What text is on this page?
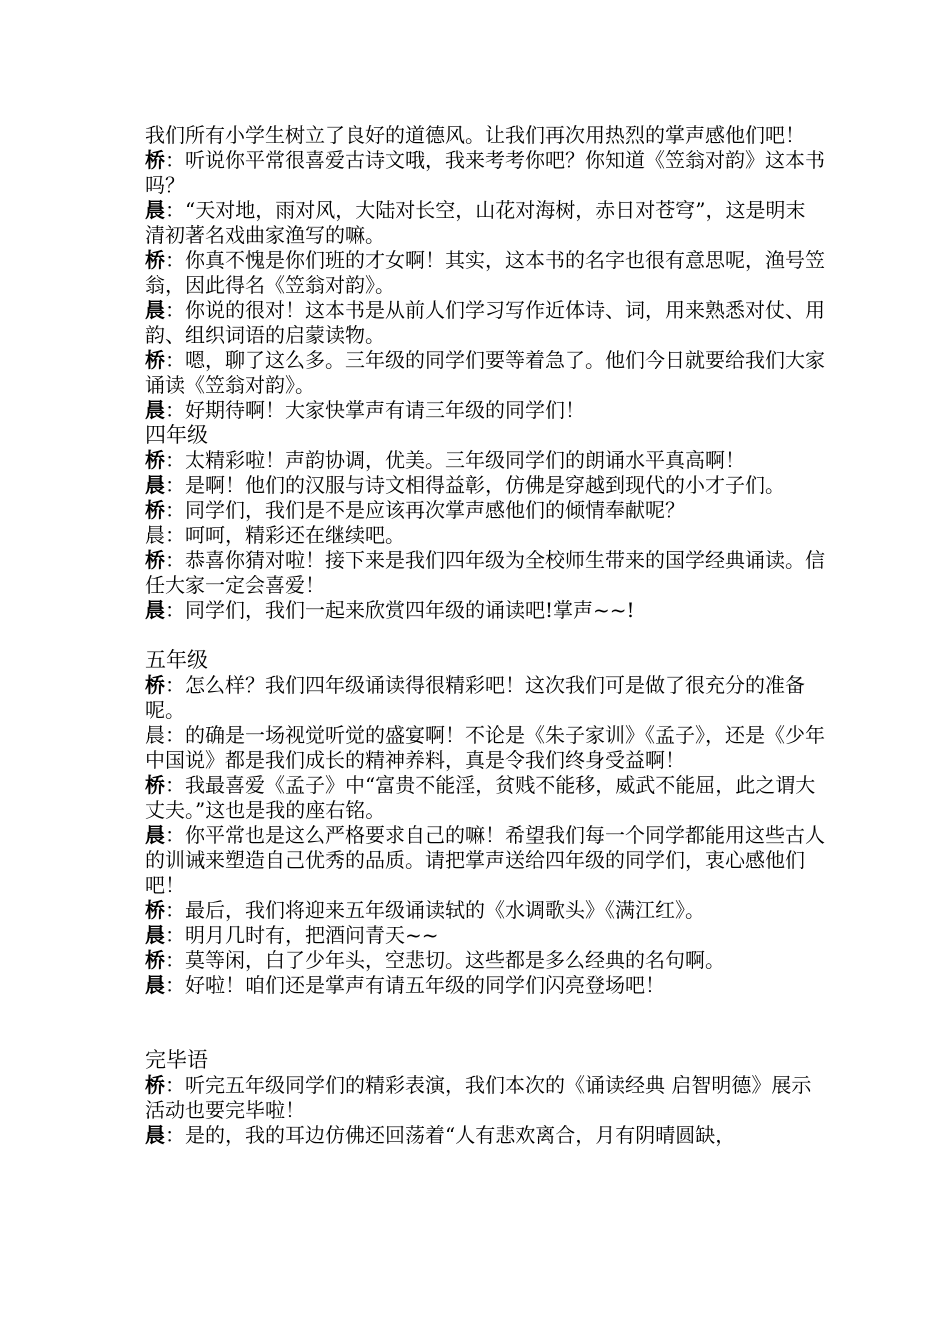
我们所有小学生树立了良好的道德风。让我们再次用热烈的掌声感他们吧！

桥：听说你平常很喜爱古诗文哦，我来考考你吧？你知道《笠翁对韵》这本书吗？

晨：“天对地，雨对风，大陆对长空，山花对海树，赤日对苍穹”，这是明末清初著名戏曲家渔写的嘛。

桥：你真不愧是你们班的才女啊！其实，这本书的名字也很有意思呢，渔号笠翁，因此得名《笠翁对韵》。

晨：你说的很对！这本书是从前人们学习写作近体诗、词，用来熟悉对仗、用韵、组织词语的启蒙读物。

桥：嗯，聊了这么多。三年级的同学们要等着急了。他们今日就要给我们大家诵读《笠翁对韵》。

晨：好期待啊！大家快掌声有请三年级的同学们！

四年级

桥：太精彩啦！声韵协调，优美。三年级同学们的朗诵水平真高啊！

晨：是啊！他们的汉服与诗文相得益彰，仿佛是穿越到现代的小才子们。

桥：同学们，我们是不是应该再次掌声感他们的倾情奉献呢？

晨：呵呵，精彩还在继续吧。

桥：恭喜你猜对啦！接下来是我们四年级为全校师生带来的国学经典诵读。信任大家一定会喜爱！

晨：同学们，我们一起来欣赏四年级的诵读吧!掌声~~!

五年级

桥：怎么样？我们四年级诵读得很精彩吧！这次我们可是做了很充分的准备呢。

晨：的确是一场视觉听觉的盛宴啊！不论是《朱子家训》《孟子》，还是《少年中国说》都是我们成长的精神养料，真是令我们终身受益啊！

桥：我最喜爱《孟子》中“富贵不能淫，贫贱不能移，威武不能屈，此之谓大丈夫。”这也是我的座右铭。

晨：你平常也是这么严格要求自己的嘛！希望我们每一个同学都能用这些古人的训诫来塑造自己优秀的品质。请把掌声送给四年级的同学们，衷心感他们吧！

桥：最后，我们将迎来五年级诵读轼的《水调歌头》《满江红》。

晨：明月几时有，把酒问青天~~

桥：莫等闲，白了少年头，空悲切。这些都是多么经典的名句啊。

晨：好啦！咱们还是掌声有请五年级的同学们闪亮登场吧！

完毕语

桥：听完五年级同学们的精彩表演，我们本次的《诵读经典 启智明德》展示活动也要完毕啦！

晨：是的，我的耳边仿佛还回荡着“人有悲欢离合，月有阴晴圆缺，
